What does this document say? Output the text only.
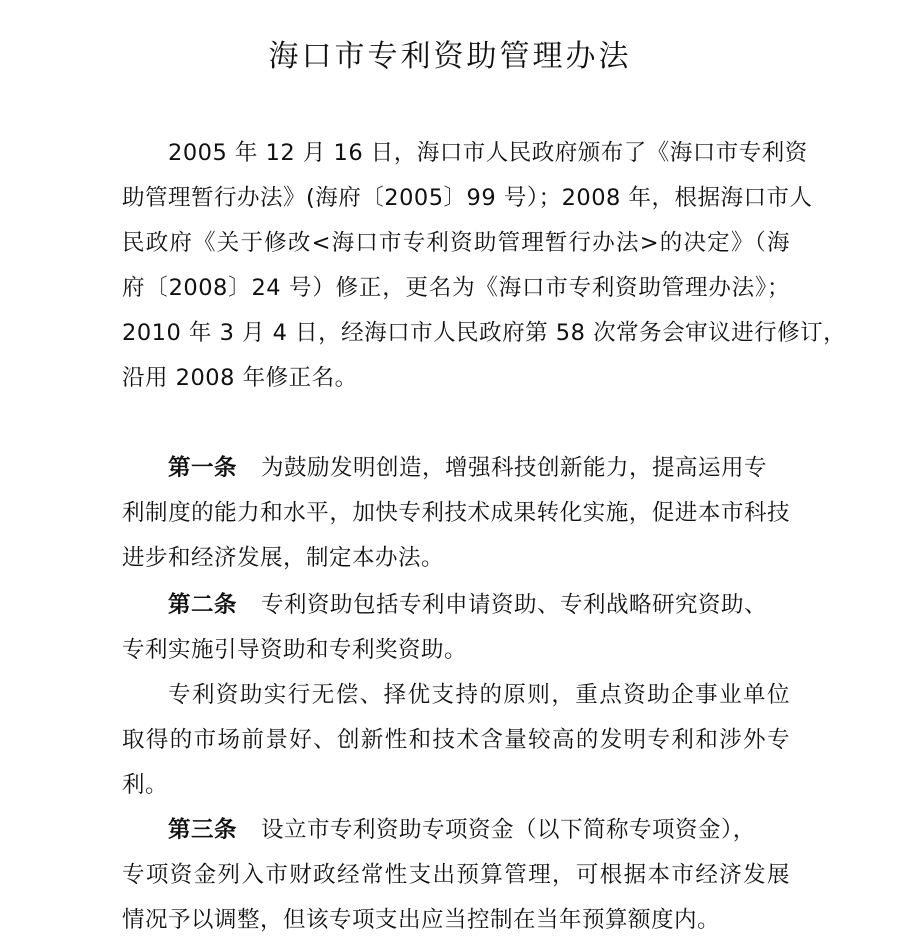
海口市专利资助管理办法
2005 年 12 月 16 日，海口市人民政府颁布了《海口市专利资
助管理暂行办法》(海府〔2005〕99 号）；2008 年，根据海口市人
民政府《关于修改<海口市专利资助管理暂行办法>的决定》（海
府〔2008〕24 号）修正，更名为《海口市专利资助管理办法》；
2010 年 3 月 4 日，经海口市人民政府第 58 次常务会审议进行修订，
沿用 2008 年修正名。
第一条 为鼓励发明创造，增强科技创新能力，提高运用专
利制度的能力和水平，加快专利技术成果转化实施，促进本市科技
进步和经济发展，制定本办法。
第二条 专利资助包括专利申请资助、专利战略研究资助、
专利实施引导资助和专利奖资助。
专利资助实行无偿、择优支持的原则，重点资助企事业单位
取得的市场前景好、创新性和技术含量较高的发明专利和涉外专
利。
第三条 设立市专利资助专项资金（以下简称专项资金），
专项资金列入市财政经常性支出预算管理，可根据本市经济发展
情况予以调整，但该专项支出应当控制在当年预算额度内。
